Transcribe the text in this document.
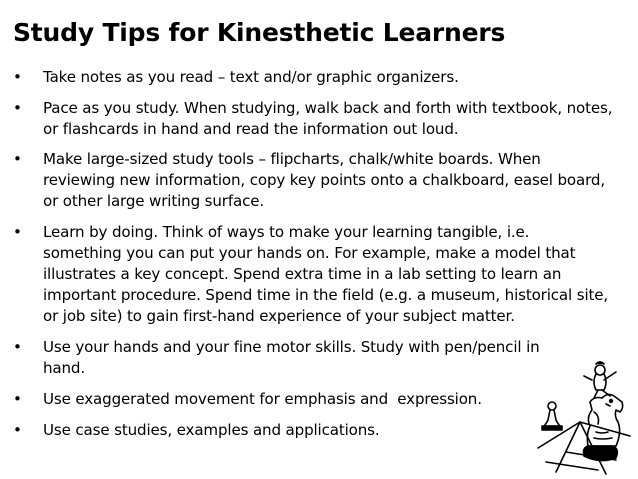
Study Tips for Kinesthetic Learners
• Take notes as you read – text and/or graphic organizers.
• Pace as you study. When studying, walk back and forth with textbook, notes, or flashcards in hand and read the information out loud.
• Make large-sized study tools – flipcharts, chalk/white boards. When reviewing new information, copy key points onto a chalkboard, easel board, or other large writing surface.
• Learn by doing. Think of ways to make your learning tangible, i.e. something you can put your hands on. For example, make a model that illustrates a key concept. Spend extra time in a lab setting to learn an important procedure. Spend time in the field (e.g. a museum, historical site, or job site) to gain first-hand experience of your subject matter.
• Use your hands and your fine motor skills. Study with pen/pencil in hand.
• Use exaggerated movement for emphasis and  expression.
• Use case studies, examples and applications.
